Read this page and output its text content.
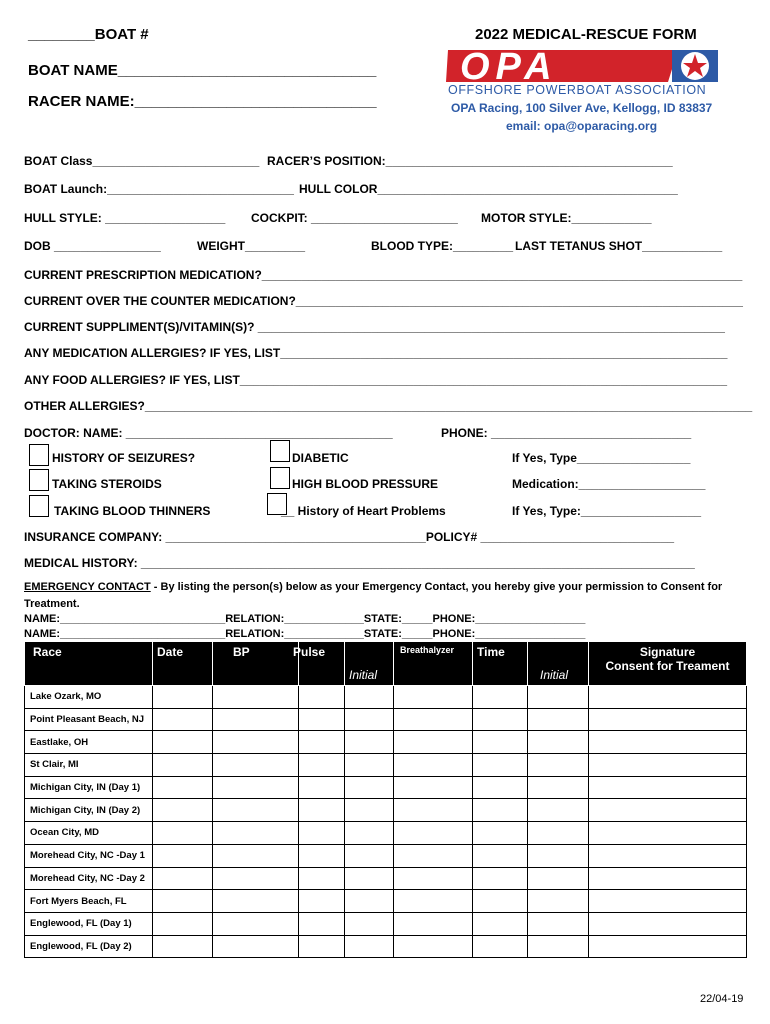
________BOAT #
BOAT NAME_______________________________
RACER NAME:_____________________________
2022 MEDICAL-RESCUE FORM
OPA
OFFSHORE POWERBOAT ASSOCIATION
OPA Racing, 100 Silver Ave, Kellogg, ID 83837
email: opa@oparacing.org
BOAT Class_________________________ RACER’S POSITION:___________________________________________
BOAT Launch:____________________________ HULL COLOR_____________________________________________
HULL STYLE: __________________ COCKPIT: ______________________ MOTOR STYLE:____________
DOB ________________	WEIGHT_________	BLOOD TYPE:_________ LAST TETANUS SHOT____________
CURRENT PRESCRIPTION MEDICATION?________________________________________________________________________
CURRENT OVER THE COUNTER MEDICATION?___________________________________________________________________
CURRENT SUPPLIMENT(S)/VITAMIN(S)? ______________________________________________________________________
ANY MEDICATION ALLERGIES? IF YES, LIST___________________________________________________________________
ANY FOOD ALLERGIES? IF YES, LIST_________________________________________________________________________
OTHER ALLERGIES?___________________________________________________________________________________________
DOCTOR: NAME: ________________________________________	PHONE: ______________________________
HISTORY OF SEIZURES?	DIABETIC	If Yes, Type_________________
TAKING STEROIDS	HIGH BLOOD PRESSURE	Medication:___________________
TAKING BLOOD THINNERS	__ History of Heart Problems	If Yes, Type:__________________
INSURANCE COMPANY: _______________________________________POLICY# _____________________________
MEDICAL HISTORY: ___________________________________________________________________________________
EMERGENCY CONTACT - By listing the person(s) below as your Emergency Contact, you hereby give your permission to Consent for
Treatment.
NAME:___________________________RELATION:_____________STATE:_____PHONE:__________________
NAME:___________________________RELATION:_____________STATE:_____PHONE:__________________
Race	Date	BP	Pulse	Initial	Breathalyzer	Time	Initial	Signature
Consent for Treament

Lake Ozark, MO								
Point Pleasant Beach, NJ								
Eastlake, OH								
St Clair, MI								
Michigan City, IN (Day 1)								
Michigan City, IN (Day 2)								
Ocean City, MD								
Morehead City, NC -Day 1								
Morehead City, NC -Day 2								
Fort Myers Beach, FL								
Englewood, FL (Day 1)								
Englewood, FL (Day 2)								
22/04-19
